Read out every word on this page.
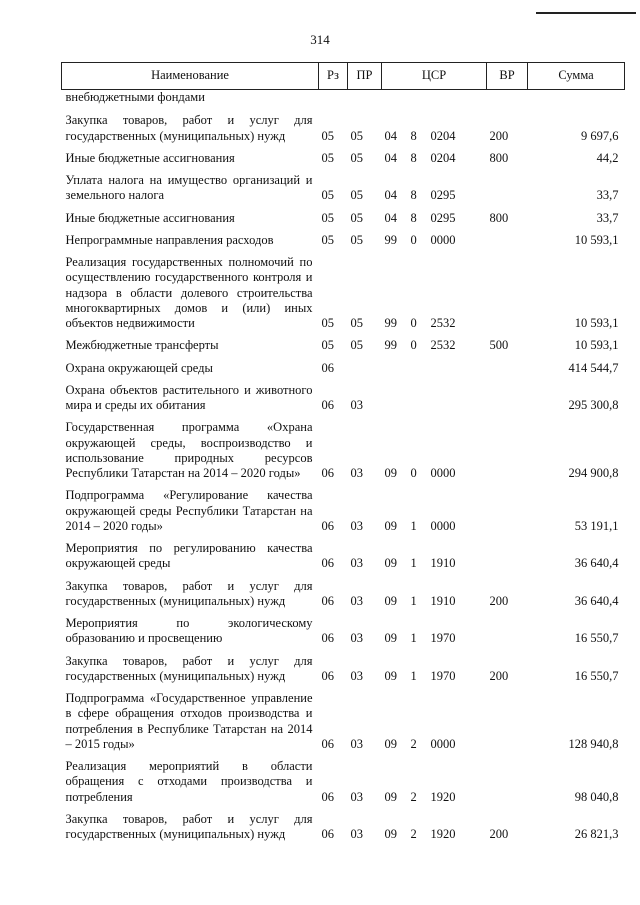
314
Наименование	Рз	ПР	ЦСР			ВР	Сумма
внебюджетными фондами							
Закупка товаров, работ и услуг для государственных (муниципальных) нужд	05	05	04	8	0204	200	9 697,6
Иные бюджетные ассигнования	05	05	04	8	0204	800	44,2
Уплата налога на имущество организаций и земельного налога	05	05	04	8	0295		33,7
Иные бюджетные ассигнования	05	05	04	8	0295	800	33,7
Непрограммные направления расходов	05	05	99	0	0000		10 593,1
Реализация государственных полномочий по осуществлению государственного контроля и надзора в области долевого строительства многоквартирных домов и (или) иных объектов недвижимости	05	05	99	0	2532		10 593,1
Межбюджетные трансферты	05	05	99	0	2532	500	10 593,1
Охрана окружающей среды	06						414 544,7
Охрана объектов растительного и животного мира и среды их обитания	06	03					295 300,8
Государственная программа «Охрана окружающей среды, воспроизводство и использование природных ресурсов Республики Татарстан на 2014 – 2020 годы»	06	03	09	0	0000		294 900,8
Подпрограмма «Регулирование качества окружающей среды Республики Татарстан на 2014 – 2020 годы»	06	03	09	1	0000		53 191,1
Мероприятия по регулированию качества окружающей среды	06	03	09	1	1910		36 640,4
Закупка товаров, работ и услуг для государственных (муниципальных) нужд	06	03	09	1	1910	200	36 640,4
Мероприятия по экологическому образованию и просвещению	06	03	09	1	1970		16 550,7
Закупка товаров, работ и услуг для государственных (муниципальных) нужд	06	03	09	1	1970	200	16 550,7
Подпрограмма «Государственное управление в сфере обращения отходов производства и потребления в Республике Татарстан на 2014 – 2015 годы»	06	03	09	2	0000		128 940,8
Реализация мероприятий в области обращения с отходами производства и потребления	06	03	09	2	1920		98 040,8
Закупка товаров, работ и услуг для государственных (муниципальных) нужд	06	03	09	2	1920	200	26 821,3
